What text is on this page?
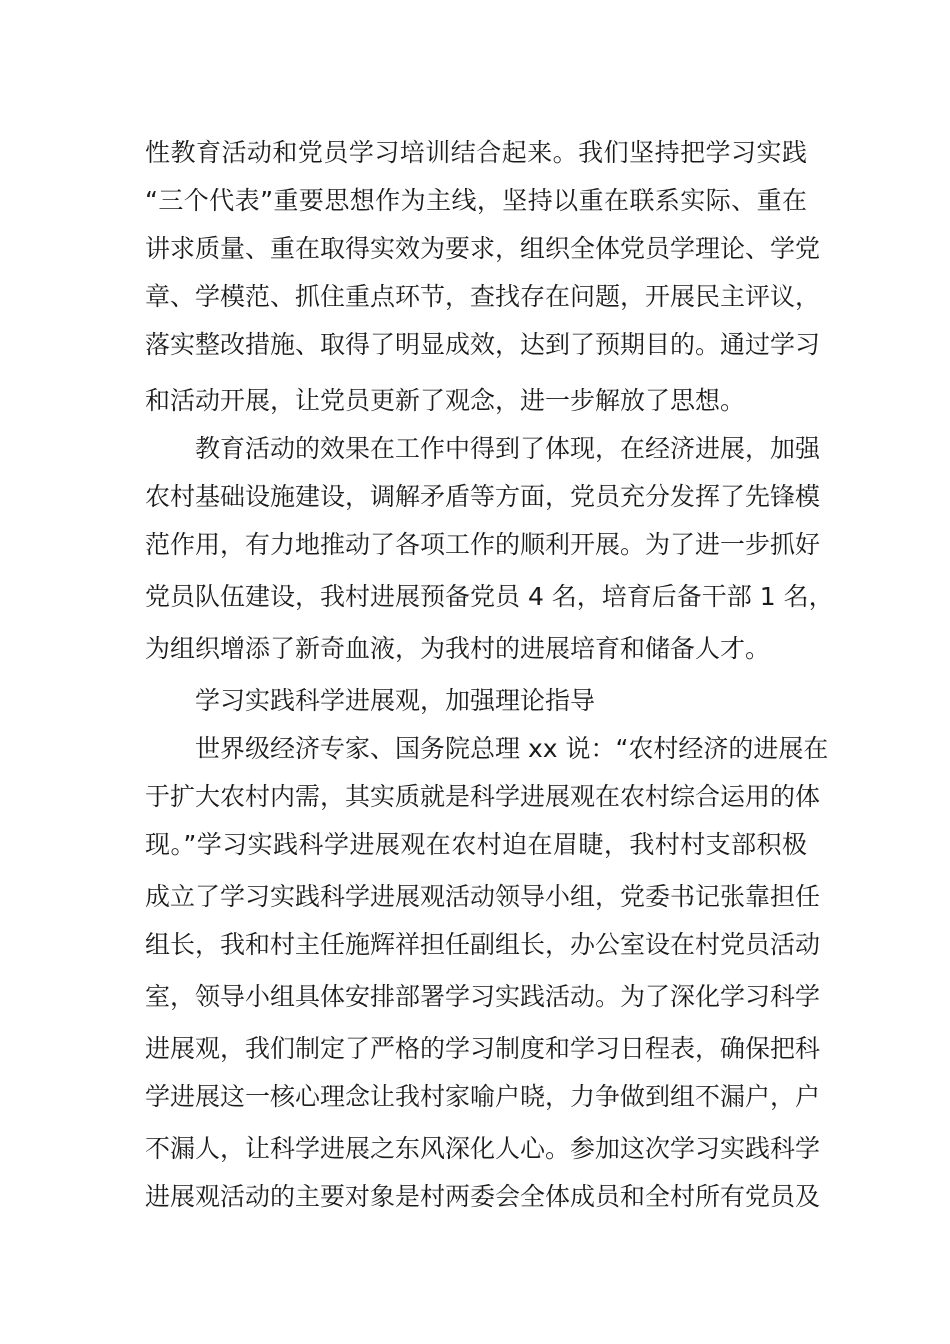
性教育活动和党员学习培训结合起来。我们坚持把学习实践
“三个代表”重要思想作为主线，坚持以重在联系实际、重在
讲求质量、重在取得实效为要求，组织全体党员学理论、学党
章、学模范、抓住重点环节，查找存在问题，开展民主评议，
落实整改措施、取得了明显成效，达到了预期目的。通过学习
和活动开展，让党员更新了观念，进一步解放了思想。
教育活动的效果在工作中得到了体现，在经济进展，加强
农村基础设施建设，调解矛盾等方面，党员充分发挥了先锋模
范作用，有力地推动了各项工作的顺利开展。为了进一步抓好
党员队伍建设，我村进展预备党员 4 名，培育后备干部 1 名，
为组织增添了新奇血液，为我村的进展培育和储备人才。
学习实践科学进展观，加强理论指导
世界级经济专家、国务院总理 xx 说：“农村经济的进展在
于扩大农村内需，其实质就是科学进展观在农村综合运用的体
现。”学习实践科学进展观在农村迫在眉睫，我村村支部积极
成立了学习实践科学进展观活动领导小组，党委书记张靠担任
组长，我和村主任施辉祥担任副组长，办公室设在村党员活动
室，领导小组具体安排部署学习实践活动。为了深化学习科学
进展观，我们制定了严格的学习制度和学习日程表，确保把科
学进展这一核心理念让我村家喻户晓，力争做到组不漏户，户
不漏人，让科学进展之东风深化人心。参加这次学习实践科学
进展观活动的主要对象是村两委会全体成员和全村所有党员及
